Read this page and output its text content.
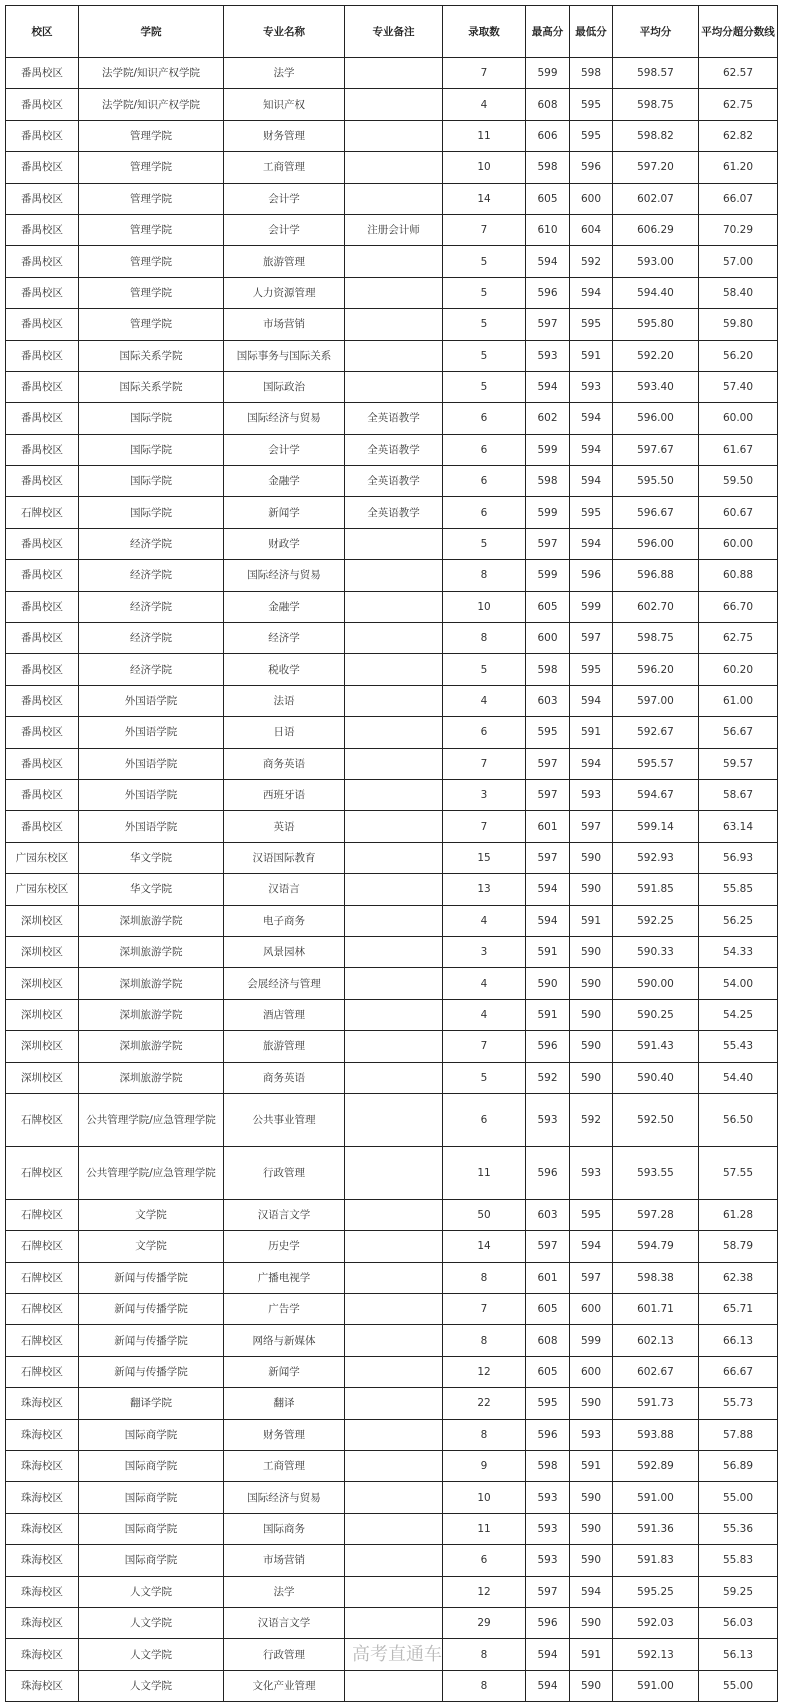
校区	学院	专业名称	专业备注	录取数	最高分	最低分	平均分	平均分超分数线
番禺校区	法学院/知识产权学院	法学		7	599	598	598.57	62.57
番禺校区	法学院/知识产权学院	知识产权		4	608	595	598.75	62.75
番禺校区	管理学院	财务管理		11	606	595	598.82	62.82
番禺校区	管理学院	工商管理		10	598	596	597.20	61.20
番禺校区	管理学院	会计学		14	605	600	602.07	66.07
番禺校区	管理学院	会计学	注册会计师	7	610	604	606.29	70.29
番禺校区	管理学院	旅游管理		5	594	592	593.00	57.00
番禺校区	管理学院	人力资源管理		5	596	594	594.40	58.40
番禺校区	管理学院	市场营销		5	597	595	595.80	59.80
番禺校区	国际关系学院	国际事务与国际关系		5	593	591	592.20	56.20
番禺校区	国际关系学院	国际政治		5	594	593	593.40	57.40
番禺校区	国际学院	国际经济与贸易	全英语教学	6	602	594	596.00	60.00
番禺校区	国际学院	会计学	全英语教学	6	599	594	597.67	61.67
番禺校区	国际学院	金融学	全英语教学	6	598	594	595.50	59.50
石牌校区	国际学院	新闻学	全英语教学	6	599	595	596.67	60.67
番禺校区	经济学院	财政学		5	597	594	596.00	60.00
番禺校区	经济学院	国际经济与贸易		8	599	596	596.88	60.88
番禺校区	经济学院	金融学		10	605	599	602.70	66.70
番禺校区	经济学院	经济学		8	600	597	598.75	62.75
番禺校区	经济学院	税收学		5	598	595	596.20	60.20
番禺校区	外国语学院	法语		4	603	594	597.00	61.00
番禺校区	外国语学院	日语		6	595	591	592.67	56.67
番禺校区	外国语学院	商务英语		7	597	594	595.57	59.57
番禺校区	外国语学院	西班牙语		3	597	593	594.67	58.67
番禺校区	外国语学院	英语		7	601	597	599.14	63.14
广园东校区	华文学院	汉语国际教育		15	597	590	592.93	56.93
广园东校区	华文学院	汉语言		13	594	590	591.85	55.85
深圳校区	深圳旅游学院	电子商务		4	594	591	592.25	56.25
深圳校区	深圳旅游学院	风景园林		3	591	590	590.33	54.33
深圳校区	深圳旅游学院	会展经济与管理		4	590	590	590.00	54.00
深圳校区	深圳旅游学院	酒店管理		4	591	590	590.25	54.25
深圳校区	深圳旅游学院	旅游管理		7	596	590	591.43	55.43
深圳校区	深圳旅游学院	商务英语		5	592	590	590.40	54.40
石牌校区	公共管理学院/应急管理学院	公共事业管理		6	593	592	592.50	56.50
石牌校区	公共管理学院/应急管理学院	行政管理		11	596	593	593.55	57.55
石牌校区	文学院	汉语言文学		50	603	595	597.28	61.28
石牌校区	文学院	历史学		14	597	594	594.79	58.79
石牌校区	新闻与传播学院	广播电视学		8	601	597	598.38	62.38
石牌校区	新闻与传播学院	广告学		7	605	600	601.71	65.71
石牌校区	新闻与传播学院	网络与新媒体		8	608	599	602.13	66.13
石牌校区	新闻与传播学院	新闻学		12	605	600	602.67	66.67
珠海校区	翻译学院	翻译		22	595	590	591.73	55.73
珠海校区	国际商学院	财务管理		8	596	593	593.88	57.88
珠海校区	国际商学院	工商管理		9	598	591	592.89	56.89
珠海校区	国际商学院	国际经济与贸易		10	593	590	591.00	55.00
珠海校区	国际商学院	国际商务		11	593	590	591.36	55.36
珠海校区	国际商学院	市场营销		6	593	590	591.83	55.83
珠海校区	人文学院	法学		12	597	594	595.25	59.25
珠海校区	人文学院	汉语言文学		29	596	590	592.03	56.03
珠海校区	人文学院	行政管理		8	594	591	592.13	56.13
珠海校区	人文学院	文化产业管理		8	594	590	591.00	55.00
高考直通车
